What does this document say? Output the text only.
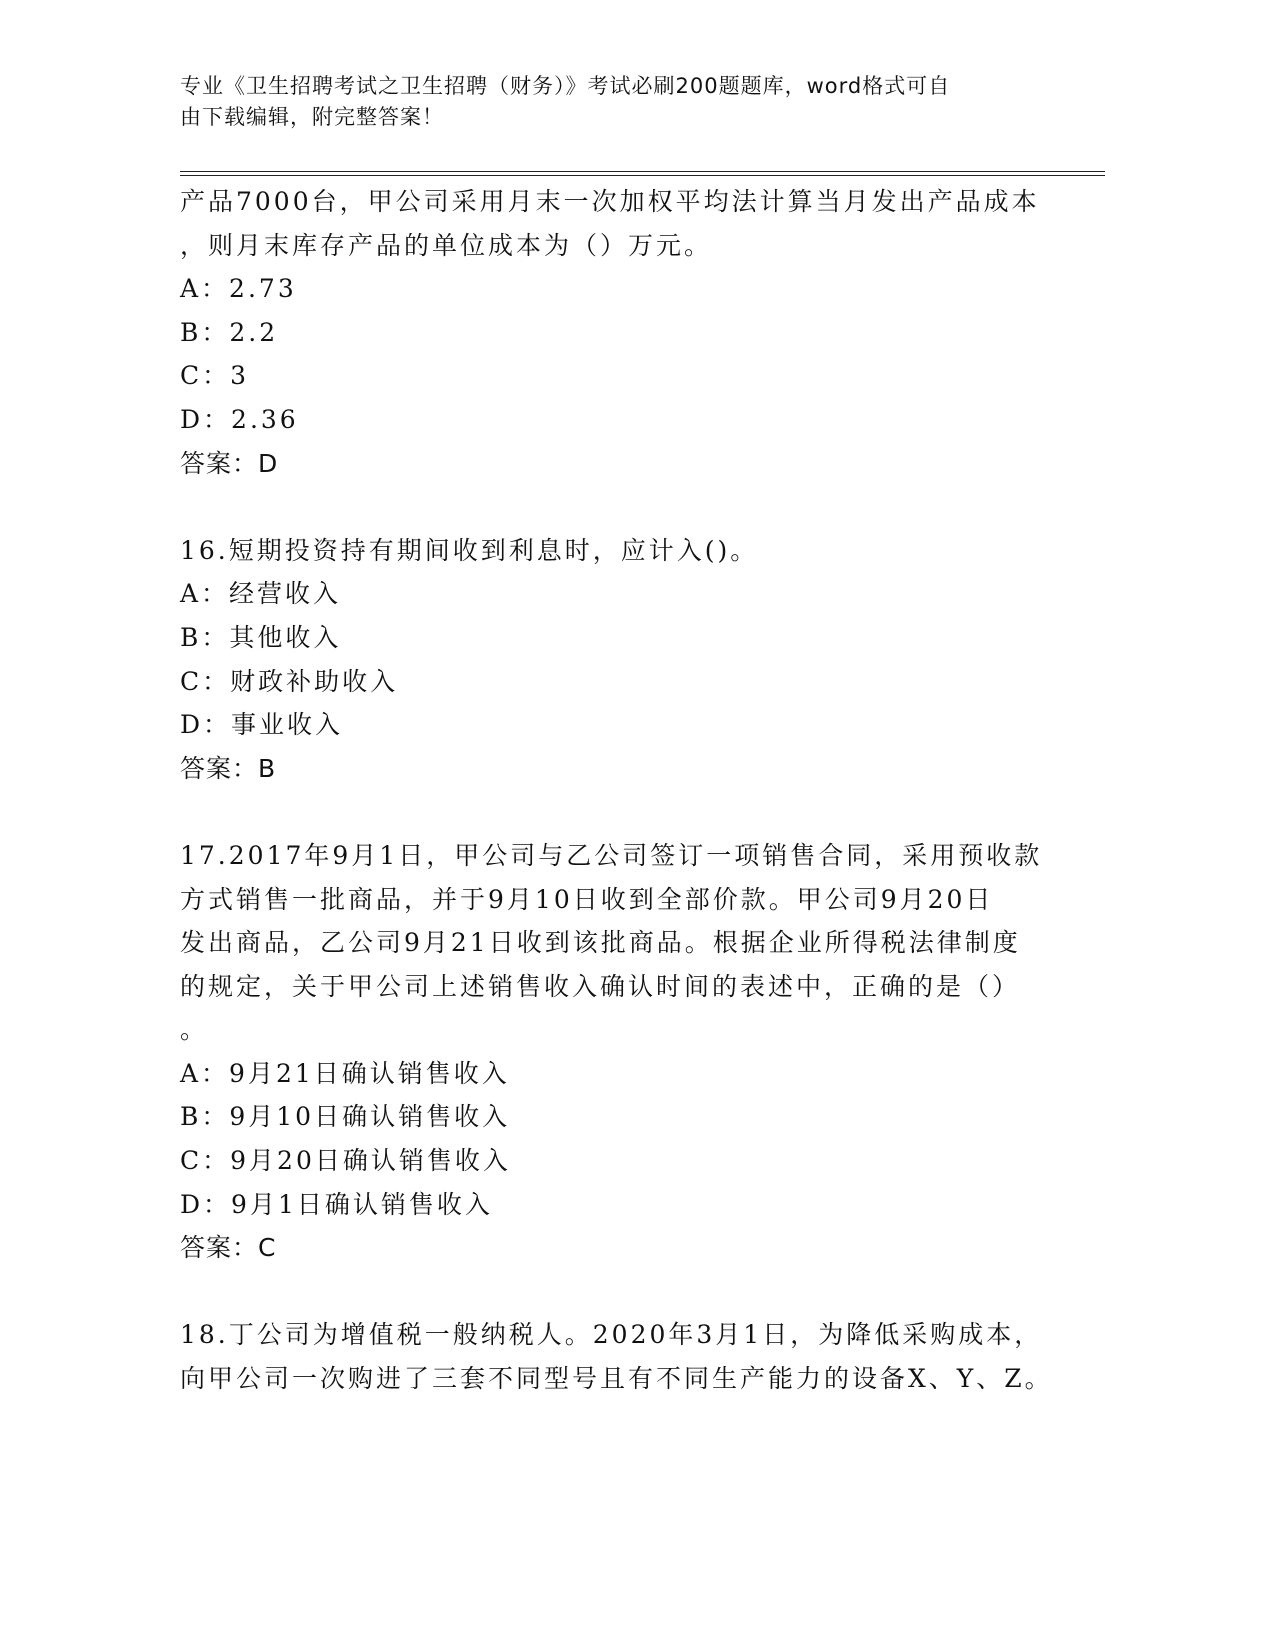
专业《卫生招聘考试之卫生招聘（财务）》考试必刷200题题库，word格式可自
由下载编辑，附完整答案！
产品7000台，甲公司采用月末一次加权平均法计算当月发出产品成本
，则月末库存产品的单位成本为（）万元。
A：2.73
B：2.2
C：3
D：2.36
答案：D
16.短期投资持有期间收到利息时，应计入()。
A：经营收入
B：其他收入
C：财政补助收入
D：事业收入
答案：B
17.2017年9月1日，甲公司与乙公司签订一项销售合同，采用预收款
方式销售一批商品，并于9月10日收到全部价款。甲公司9月20日
发出商品，乙公司9月21日收到该批商品。根据企业所得税法律制度
的规定，关于甲公司上述销售收入确认时间的表述中，正确的是（）
。
A：9月21日确认销售收入
B：9月10日确认销售收入
C：9月20日确认销售收入
D：9月1日确认销售收入
答案：C
18.丁公司为增值税一般纳税人。2020年3月1日，为降低采购成本，
向甲公司一次购进了三套不同型号且有不同生产能力的设备X、Y、Z。
